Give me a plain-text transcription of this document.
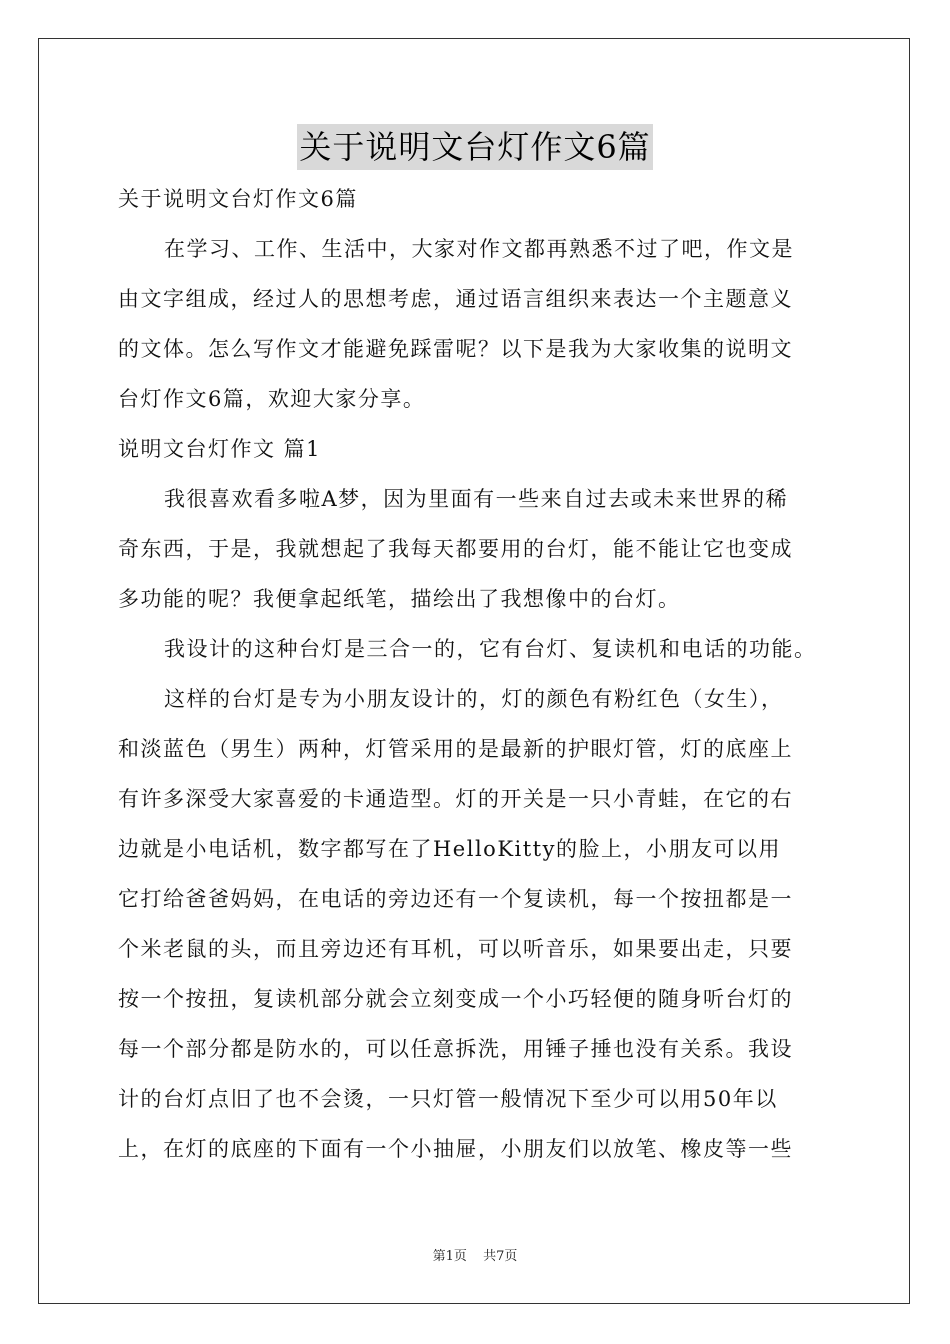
关于说明文台灯作文6篇
关于说明文台灯作文6篇
在学习、工作、生活中，大家对作文都再熟悉不过了吧，作文是
由文字组成，经过人的思想考虑，通过语言组织来表达一个主题意义
的文体。怎么写作文才能避免踩雷呢？以下是我为大家收集的说明文
台灯作文6篇，欢迎大家分享。
说明文台灯作文 篇1
我很喜欢看多啦A梦，因为里面有一些来自过去或未来世界的稀
奇东西，于是，我就想起了我每天都要用的台灯，能不能让它也变成
多功能的呢？我便拿起纸笔，描绘出了我想像中的台灯。
我设计的这种台灯是三合一的，它有台灯、复读机和电话的功能。
这样的台灯是专为小朋友设计的，灯的颜色有粉红色（女生），
和淡蓝色（男生）两种，灯管采用的是最新的护眼灯管，灯的底座上
有许多深受大家喜爱的卡通造型。灯的开关是一只小青蛙，在它的右
边就是小电话机，数字都写在了HelloKitty的脸上，小朋友可以用
它打给爸爸妈妈，在电话的旁边还有一个复读机，每一个按扭都是一
个米老鼠的头，而且旁边还有耳机，可以听音乐，如果要出走，只要
按一个按扭，复读机部分就会立刻变成一个小巧轻便的随身听台灯的
每一个部分都是防水的，可以任意拆洗，用锤子捶也没有关系。我设
计的台灯点旧了也不会烫，一只灯管一般情况下至少可以用50年以
上，在灯的底座的下面有一个小抽屉，小朋友们以放笔、橡皮等一些
第1页 共7页
